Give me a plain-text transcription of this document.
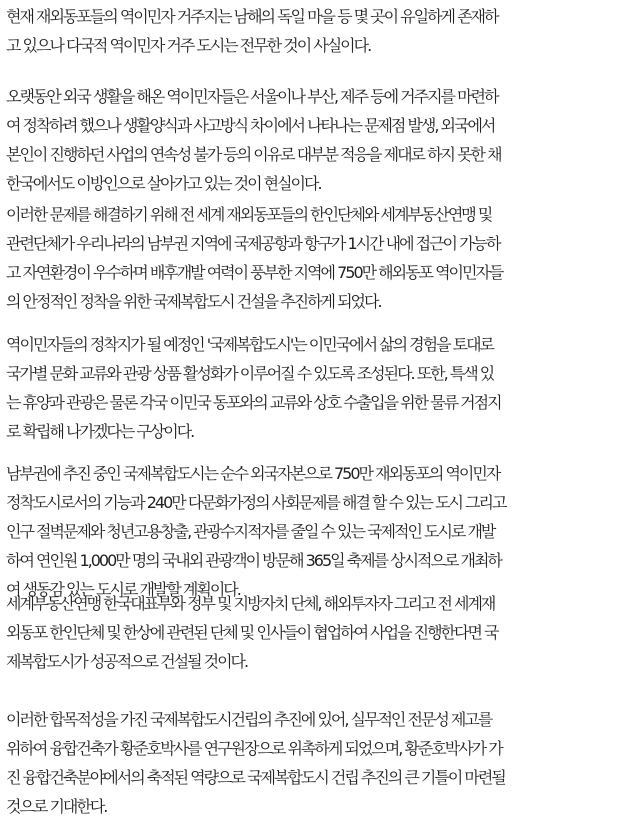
현재 재외동포들의 역이민자 거주지는 남해의 독일 마을 등 몇 곳이 유일하게 존재하
고 있으나 다국적 역이민자 거주 도시는 전무한 것이 사실이다.
오랫동안 외국 생활을 해온 역이민자들은 서울이나 부산, 제주 등에 거주지를 마련하
여 정착하려 했으나 생활양식과 사고방식 차이에서 나타나는 문제점 발생, 외국에서
본인이 진행하던 사업의 연속성 불가 등의 이유로 대부분 적응을 제대로 하지 못한 채
한국에서도 이방인으로 살아가고 있는 것이 현실이다.
이러한 문제를 해결하기 위해 전 세계 재외동포들의 한인단체와 세계부동산연맹 및
관련단체가 우리나라의 남부권 지역에 국제공항과 항구가 1시간 내에 접근이 가능하
고 자연환경이 우수하며 배후개발 여력이 풍부한 지역에 750만 해외동포 역이민자들
의 안정적인 정착을 위한 국제복합도시 건설을 추진하게 되었다.
역이민자들의 정착지가 될 예정인 '국제복합도시'는 이민국에서 삶의 경험을 토대로
국가별 문화 교류와 관광 상품 활성화가 이루어질 수 있도록 조성된다. 또한, 특색 있
는 휴양과 관광은 물론 각국 이민국 동포와의 교류와 상호 수출입을 위한 물류 거점지
로 확립해 나가겠다는 구상이다.
남부권에 추진 중인 국제복합도시는 순수 외국자본으로 750만 재외동포의 역이민자
정착도시로서의 기능과 240만 다문화가정의 사회문제를 해결 할 수 있는 도시 그리고
인구 절벽문제와 청년고용창출, 관광수지적자를 줄일 수 있는 국제적인 도시로 개발
하여 연인원 1,000만 명의 국내외 관광객이 방문해 365일 축제를 상시적으로 개최하
여 생동감 있는 도시로 개발할 계획이다.
세계부동산연맹 한국대표부와 정부 및 지방자치 단체, 해외투자자 그리고 전 세계재
외동포 한인단체 및 한상에 관련된 단체 및 인사들이 협업하여 사업을 진행한다면 국
제복합도시가 성공적으로 건설될 것이다.
이러한 합목적성을 가진 국제복합도시건립의 추진에 있어, 실무적인 전문성 제고를
위하여 융합건축가 황준호박사를 연구원장으로 위촉하게 되었으며, 황준호박사가 가
진 융합건축분야에서의 축적된 역량으로 국제복합도시 건립 추진의 큰 기틀이 마련될
것으로 기대한다.
